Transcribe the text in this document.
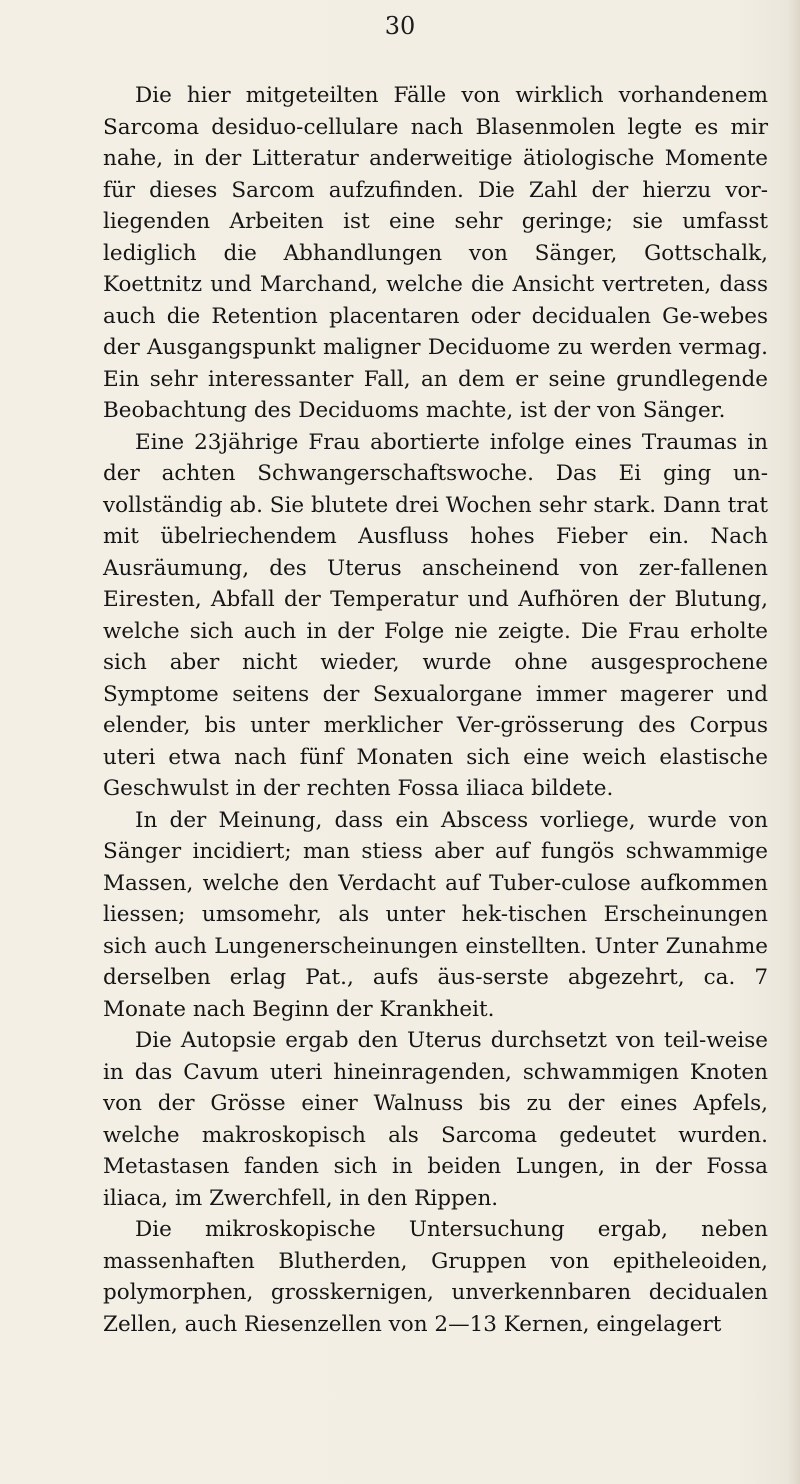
30

Die hier mitgeteilten Fälle von wirklich vorhandenem Sarcoma desiduo-cellulare nach Blasenmolen legte es mir nahe, in der Litteratur anderweitige ätiologische Momente für dieses Sarcom aufzufinden. Die Zahl der hierzu vor-liegenden Arbeiten ist eine sehr geringe; sie umfasst lediglich die Abhandlungen von Sänger, Gottschalk, Koettnitz und Marchand, welche die Ansicht vertreten, dass auch die Retention placentaren oder decidualen Ge-webes der Ausgangspunkt maligner Deciduome zu werden vermag. Ein sehr interessanter Fall, an dem er seine grundlegende Beobachtung des Deciduoms machte, ist der von Sänger.

Eine 23jährige Frau abortierte infolge eines Traumas in der achten Schwangerschaftswoche. Das Ei ging un-vollständig ab. Sie blutete drei Wochen sehr stark. Dann trat mit übelriechendem Ausfluss hohes Fieber ein. Nach Ausräumung, des Uterus anscheinend von zer-fallenen Eiresten, Abfall der Temperatur und Aufhören der Blutung, welche sich auch in der Folge nie zeigte. Die Frau erholte sich aber nicht wieder, wurde ohne ausgesprochene Symptome seitens der Sexualorgane immer magerer und elender, bis unter merklicher Ver-grösserung des Corpus uteri etwa nach fünf Monaten sich eine weich elastische Geschwulst in der rechten Fossa iliaca bildete.

In der Meinung, dass ein Abscess vorliege, wurde von Sänger incidiert; man stiess aber auf fungös schwammige Massen, welche den Verdacht auf Tuber-culose aufkommen liessen; umsomehr, als unter hek-tischen Erscheinungen sich auch Lungenerscheinungen einstellten. Unter Zunahme derselben erlag Pat., aufs äus-serste abgezehrt, ca. 7 Monate nach Beginn der Krankheit.

Die Autopsie ergab den Uterus durchsetzt von teil-weise in das Cavum uteri hineinragenden, schwammigen Knoten von der Grösse einer Walnuss bis zu der eines Apfels, welche makroskopisch als Sarcoma gedeutet wurden. Metastasen fanden sich in beiden Lungen, in der Fossa iliaca, im Zwerchfell, in den Rippen.

Die mikroskopische Untersuchung ergab, neben massenhaften Blutherden, Gruppen von epitheleoiden, polymorphen, grosskernigen, unverkennbaren decidualen Zellen, auch Riesenzellen von 2—13 Kernen, eingelagert
